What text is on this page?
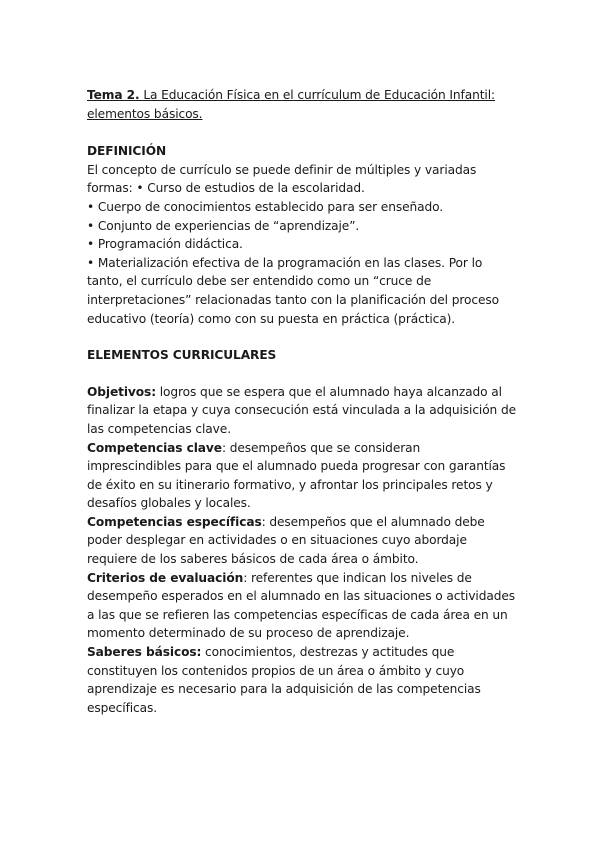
Tema 2. La Educación Física en el currículum de Educación Infantil: elementos básicos.

DEFINICIÓN

El concepto de currículo se puede definir de múltiples y variadas formas: • Curso de estudios de la escolaridad.

• Cuerpo de conocimientos establecido para ser enseñado.

• Conjunto de experiencias de “aprendizaje”.

• Programación didáctica.

• Materialización efectiva de la programación en las clases. Por lo tanto, el currículo debe ser entendido como un “cruce de interpretaciones” relacionadas tanto con la planificación del proceso educativo (teoría) como con su puesta en práctica (práctica).

ELEMENTOS CURRICULARES

Objetivos: logros que se espera que el alumnado haya alcanzado al finalizar la etapa y cuya consecución está vinculada a la adquisición de las competencias clave.

Competencias clave: desempeños que se consideran imprescindibles para que el alumnado pueda progresar con garantías de éxito en su itinerario formativo, y afrontar los principales retos y desafíos globales y locales.

Competencias específicas: desempeños que el alumnado debe poder desplegar en actividades o en situaciones cuyo abordaje requiere de los saberes básicos de cada área o ámbito.

Criterios de evaluación: referentes que indican los niveles de desempeño esperados en el alumnado en las situaciones o actividades a las que se refieren las competencias específicas de cada área en un momento determinado de su proceso de aprendizaje.

Saberes básicos: conocimientos, destrezas y actitudes que constituyen los contenidos propios de un área o ámbito y cuyo aprendizaje es necesario para la adquisición de las competencias específicas.
